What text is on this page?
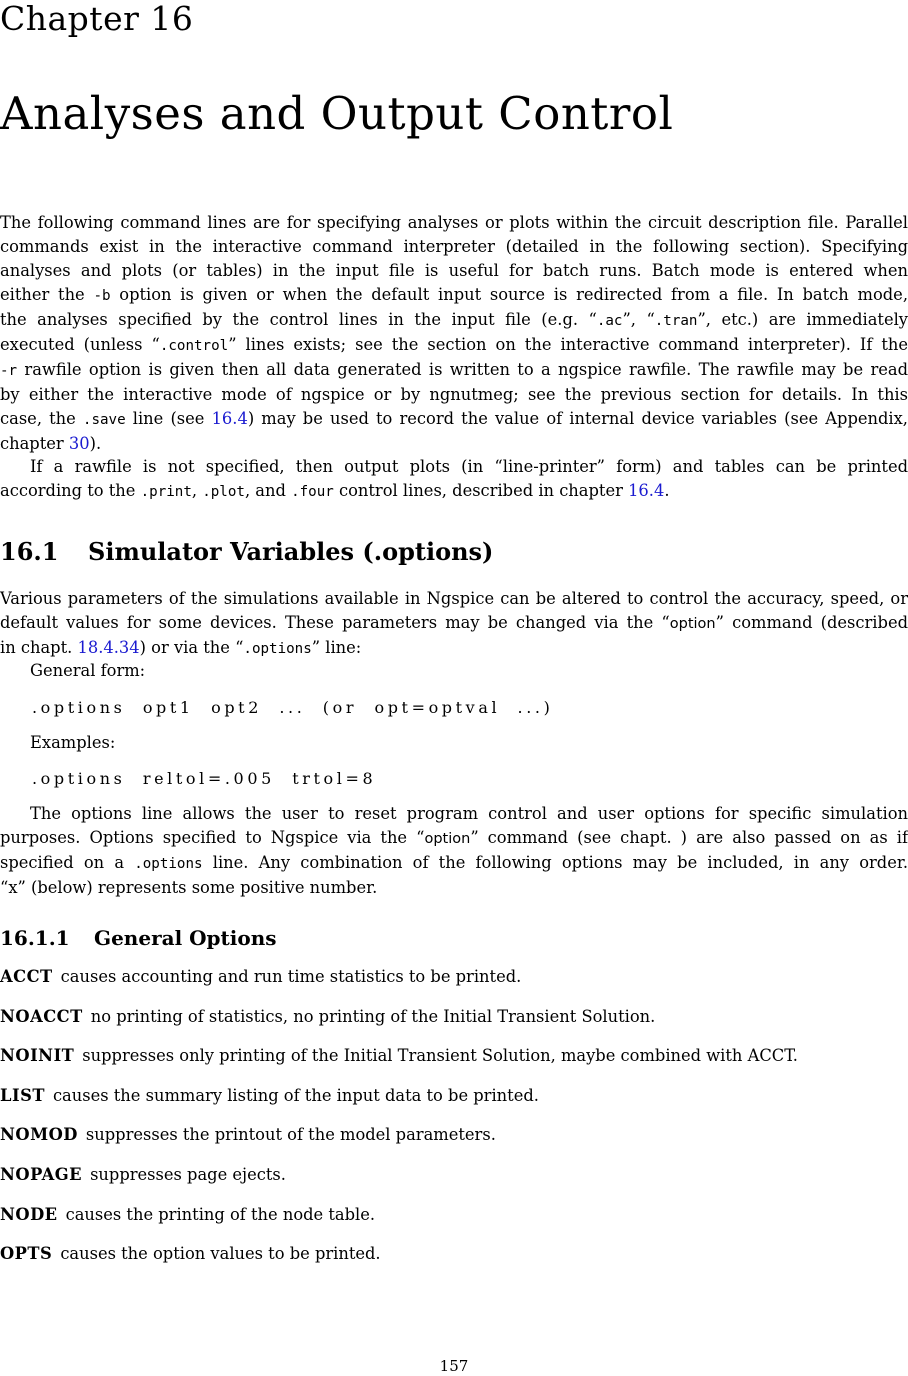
Chapter 16
Analyses and Output Control
The following command lines are for specifying analyses or plots within the circuit description file. Parallel
commands exist in the interactive command interpreter (detailed in the following section). Specifying
analyses and plots (or tables) in the input file is useful for batch runs. Batch mode is entered when
either the -b option is given or when the default input source is redirected from a file. In batch mode,
the analyses specified by the control lines in the input file (e.g. “.ac”, “.tran”, etc.) are immediately
executed (unless “.control” lines exists; see the section on the interactive command interpreter). If the
-r rawfile option is given then all data generated is written to a ngspice rawfile. The rawfile may be read
by either the interactive mode of ngspice or by ngnutmeg; see the previous section for details. In this
case, the .save line (see 16.4) may be used to record the value of internal device variables (see Appendix,
chapter 30).
If a rawfile is not specified, then output plots (in “line-printer” form) and tables can be printed
according to the .print, .plot, and .four control lines, described in chapter 16.4.
16.1 Simulator Variables (.options)
Various parameters of the simulations available in Ngspice can be altered to control the accuracy, speed, or
default values for some devices. These parameters may be changed via the “option” command (described
in chapt. 18.4.34) or via the “.options” line:
General form:
.options  opt1  opt2  ...  (or  opt=optval  ...)
Examples:
.options  reltol=.005  trtol=8
The options line allows the user to reset program control and user options for specific simulation
purposes. Options specified to Ngspice via the “option” command (see chapt. ) are also passed on as if
specified on a .options line. Any combination of the following options may be included, in any order.
“x” (below) represents some positive number.
16.1.1 General Options
ACCT causes accounting and run time statistics to be printed.
NOACCT no printing of statistics, no printing of the Initial Transient Solution.
NOINIT suppresses only printing of the Initial Transient Solution, maybe combined with ACCT.
LIST causes the summary listing of the input data to be printed.
NOMOD suppresses the printout of the model parameters.
NOPAGE suppresses page ejects.
NODE causes the printing of the node table.
OPTS causes the option values to be printed.
157
